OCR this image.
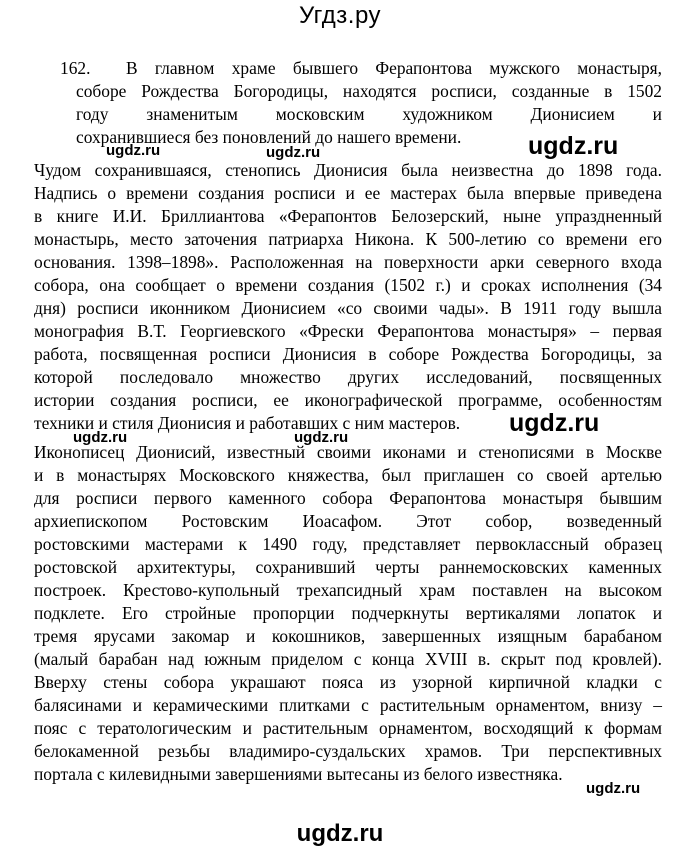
Угдз.ру
162. В главном храме бывшего Ферапонтова мужского монастыря,
соборе Рождества Богородицы, находятся росписи, созданные в 1502
году знаменитым московским художником Дионисием и
сохранившиеся без поновлений до нашего времени.
Чудом сохранившаяся, стенопись Дионисия была неизвестна до 1898 года.
Надпись о времени создания росписи и ее мастерах была впервые приведена
в книге И.И. Бриллиантова «Ферапонтов Белозерский, ныне упраздненный
монастырь, место заточения патриарха Никона. К 500-летию со времени его
основания. 1398–1898». Расположенная на поверхности арки северного входа
собора, она сообщает о времени создания (1502 г.) и сроках исполнения (34
дня) росписи иконником Дионисием «со своими чады». В 1911 году вышла
монография В.Т. Георгиевского «Фрески Ферапонтова монастыря» – первая
работа, посвященная росписи Дионисия в соборе Рождества Богородицы, за
которой последовало множество других исследований, посвященных
истории создания росписи, ее иконографической программе, особенностям
техники и стиля Дионисия и работавших с ним мастеров.
Иконописец Дионисий, известный своими иконами и стенописями в Москве
и в монастырях Московского княжества, был приглашен со своей артелью
для росписи первого каменного собора Ферапонтова монастыря бывшим
архиепископом Ростовским Иоасафом. Этот собор, возведенный
ростовскими мастерами к 1490 году, представляет первоклассный образец
ростовской архитектуры, сохранивший черты раннемосковских каменных
построек. Крестово-купольный трехапсидный храм поставлен на высоком
подклете. Его стройные пропорции подчеркнуты вертикалями лопаток и
тремя ярусами закомар и кокошников, завершенных изящным барабаном
(малый барабан над южным приделом с конца XVIII в. скрыт под кровлей).
Вверху стены собора украшают пояса из узорной кирпичной кладки с
балясинами и керамическими плитками с растительным орнаментом, внизу –
пояс с тератологическим и растительным орнаментом, восходящий к формам
белокаменной резьбы владимиро-суздальских храмов. Три перспективных
портала с килевидными завершениями вытесаны из белого известняка.
ugdz.ru
ugdz.ru	ugdz.ru
ugdz.ru
ugdz.ru	ugdz.ru
ugdz.ru
ugdz.ru
